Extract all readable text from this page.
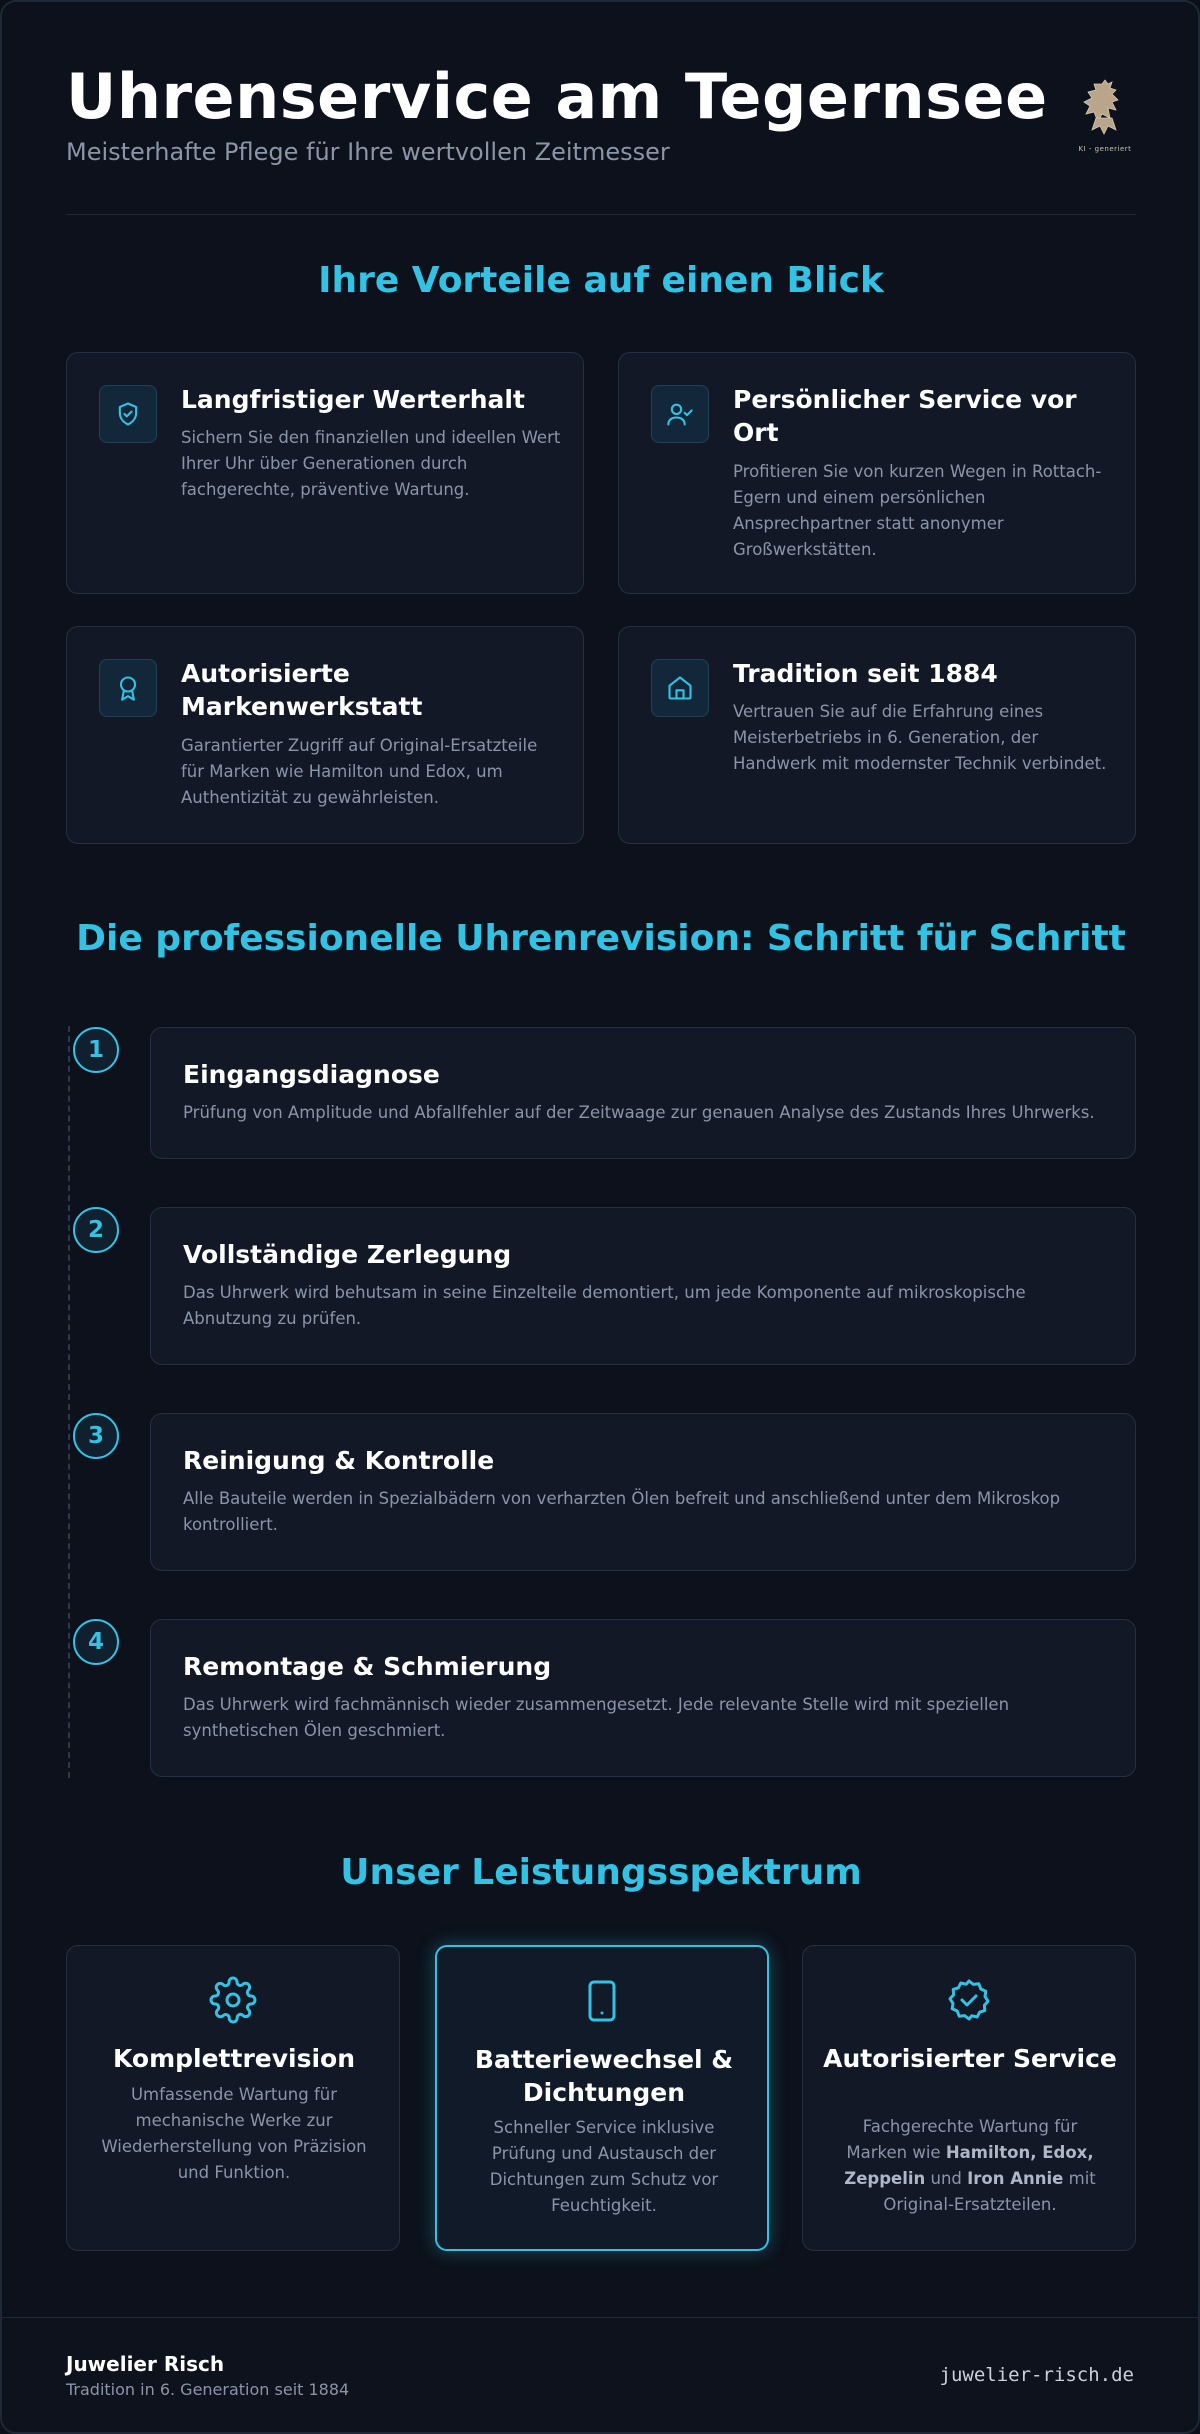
Uhrenservice am Tegernsee
Meisterhafte Pflege für Ihre wertvollen Zeitmesser	KI - generiert
Ihre Vorteile auf einen Blick
Langfristiger Werterhalt
Sichern Sie den finanziellen und ideellen Wert Ihrer Uhr über Generationen durch fachgerechte, präventive Wartung.
Persönlicher Service vor Ort
Profitieren Sie von kurzen Wegen in Rottach-Egern und einem persönlichen Ansprechpartner statt anonymer Großwerkstätten.
Autorisierte Markenwerkstatt
Garantierter Zugriff auf Original-Ersatzteile für Marken wie Hamilton und Edox, um Authentizität zu gewährleisten.
Tradition seit 1884
Vertrauen Sie auf die Erfahrung eines Meisterbetriebs in 6. Generation, der Handwerk mit modernster Technik verbindet.
Die professionelle Uhrenrevision: Schritt für Schritt
1
Eingangsdiagnose
Prüfung von Amplitude und Abfallfehler auf der Zeitwaage zur genauen Analyse des Zustands Ihres Uhrwerks.
2
Vollständige Zerlegung
Das Uhrwerk wird behutsam in seine Einzelteile demontiert, um jede Komponente auf mikroskopische Abnutzung zu prüfen.
3
Reinigung & Kontrolle
Alle Bauteile werden in Spezialbädern von verharzten Ölen befreit und anschließend unter dem Mikroskop kontrolliert.
4
Remontage & Schmierung
Das Uhrwerk wird fachmännisch wieder zusammengesetzt. Jede relevante Stelle wird mit speziellen synthetischen Ölen geschmiert.
Unser Leistungsspektrum
Komplettrevision
Umfassende Wartung für mechanische Werke zur Wiederherstellung von Präzision und Funktion.
Batteriewechsel & Dichtungen
Schneller Service inklusive Prüfung und Austausch der Dichtungen zum Schutz vor Feuchtigkeit.
Autorisierter Service
Fachgerechte Wartung für Marken wie Hamilton, Edox, Zeppelin und Iron Annie mit Original-Ersatzteilen.
Juwelier Risch
Tradition in 6. Generation seit 1884
juwelier-risch.de
